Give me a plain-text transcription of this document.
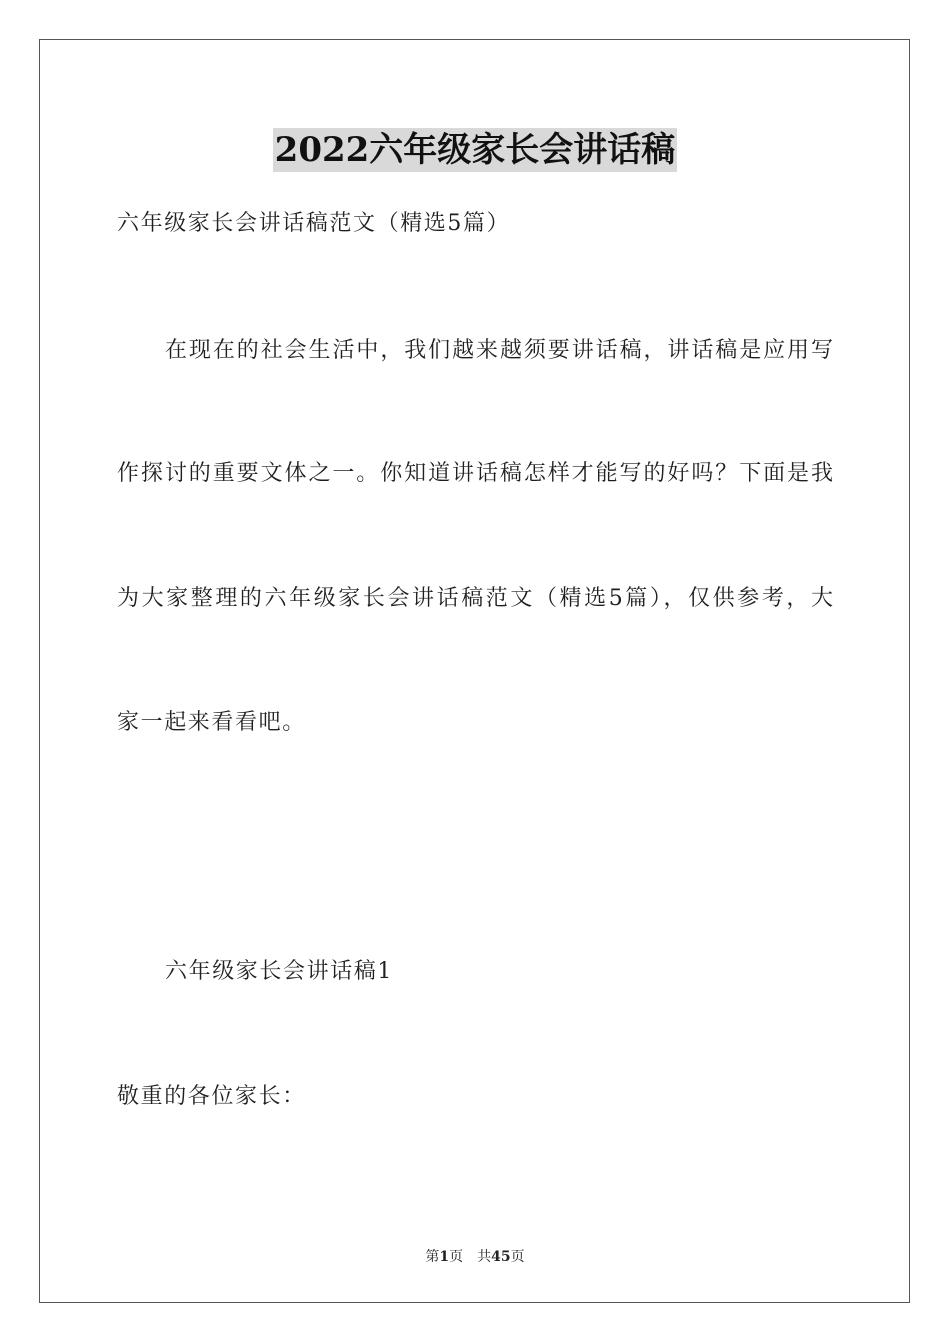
2022六年级家长会讲话稿
六年级家长会讲话稿范文（精选5篇）
在现在的社会生活中，我们越来越须要讲话稿，讲话稿是应用写
作探讨的重要文体之一。你知道讲话稿怎样才能写的好吗？下面是我
为大家整理的六年级家长会讲话稿范文（精选5篇），仅供参考，大
家一起来看看吧。
六年级家长会讲话稿1
敬重的各位家长：
第1页 共45页
